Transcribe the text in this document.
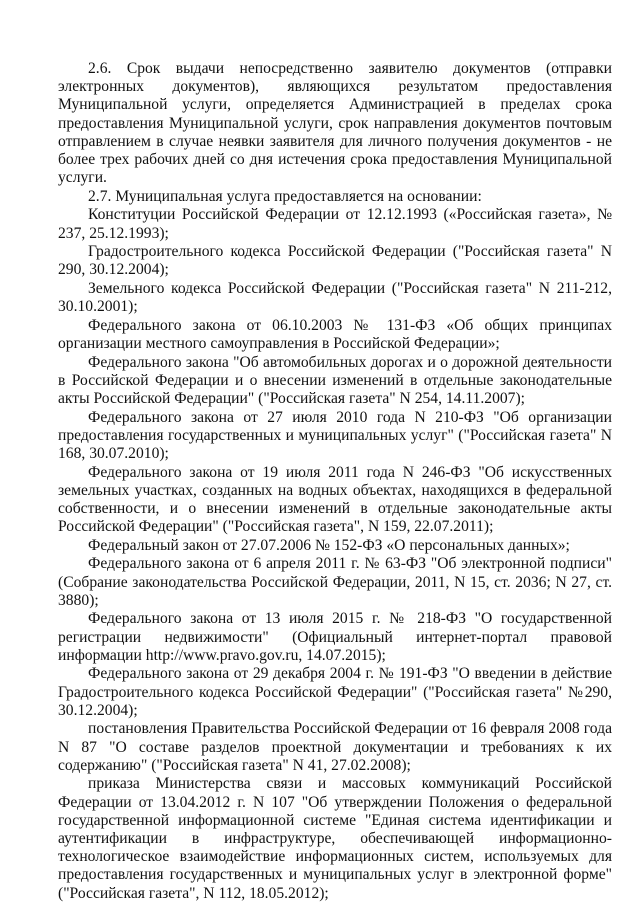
2.6. Срок выдачи непосредственно заявителю документов (отправки электронных документов), являющихся результатом предоставления Муниципальной услуги, определяется Администрацией в пределах срока предоставления Муниципальной услуги, срок направления документов почтовым отправлением в случае неявки заявителя для личного получения документов - не более трех рабочих дней со дня истечения срока предоставления Муниципальной услуги.

2.7. Муниципальная услуга предоставляется на основании:

Конституции Российской Федерации от 12.12.1993 («Российская газета», № 237, 25.12.1993);

Градостроительного кодекса Российской Федерации ("Российская газета" N 290, 30.12.2004);

Земельного кодекса Российской Федерации ("Российская газета" N 211-212, 30.10.2001);

Федерального закона от 06.10.2003 № 131-ФЗ «Об общих принципах организации местного самоуправления в Российской Федерации»;

Федерального закона "Об автомобильных дорогах и о дорожной деятельности в Российской Федерации и о внесении изменений в отдельные законодательные акты Российской Федерации" ("Российская газета" N 254, 14.11.2007);

Федерального закона от 27 июля 2010 года N 210-ФЗ "Об организации предоставления государственных и муниципальных услуг" ("Российская газета" N 168, 30.07.2010);

Федерального закона от 19 июля 2011 года N 246-ФЗ "Об искусственных земельных участках, созданных на водных объектах, находящихся в федеральной собственности, и о внесении изменений в отдельные законодательные акты Российской Федерации" ("Российская газета", N 159, 22.07.2011);

Федеральный закон от 27.07.2006 № 152-ФЗ «О персональных данных»;

Федерального закона от 6 апреля 2011 г. № 63-ФЗ "Об электронной подписи" (Собрание законодательства Российской Федерации, 2011, N 15, ст. 2036; N 27, ст. 3880);

Федерального закона от 13 июля 2015 г. № 218-ФЗ "О государственной регистрации недвижимости" (Официальный интернет-портал правовой информации http://www.pravo.gov.ru, 14.07.2015);

Федерального закона от 29 декабря 2004 г. № 191-ФЗ "О введении в действие Градостроительного кодекса Российской Федерации" ("Российская газета" №290, 30.12.2004);

постановления Правительства Российской Федерации от 16 февраля 2008 года N 87 "О составе разделов проектной документации и требованиях к их содержанию" ("Российская газета" N 41, 27.02.2008);

приказа Министерства связи и массовых коммуникаций Российской Федерации от 13.04.2012 г. N 107 "Об утверждении Положения о федеральной государственной информационной системе "Единая система идентификации и аутентификации в инфраструктуре, обеспечивающей информационно-технологическое взаимодействие информационных систем, используемых для предоставления государственных и муниципальных услуг в электронной форме" ("Российская газета", N 112, 18.05.2012);
